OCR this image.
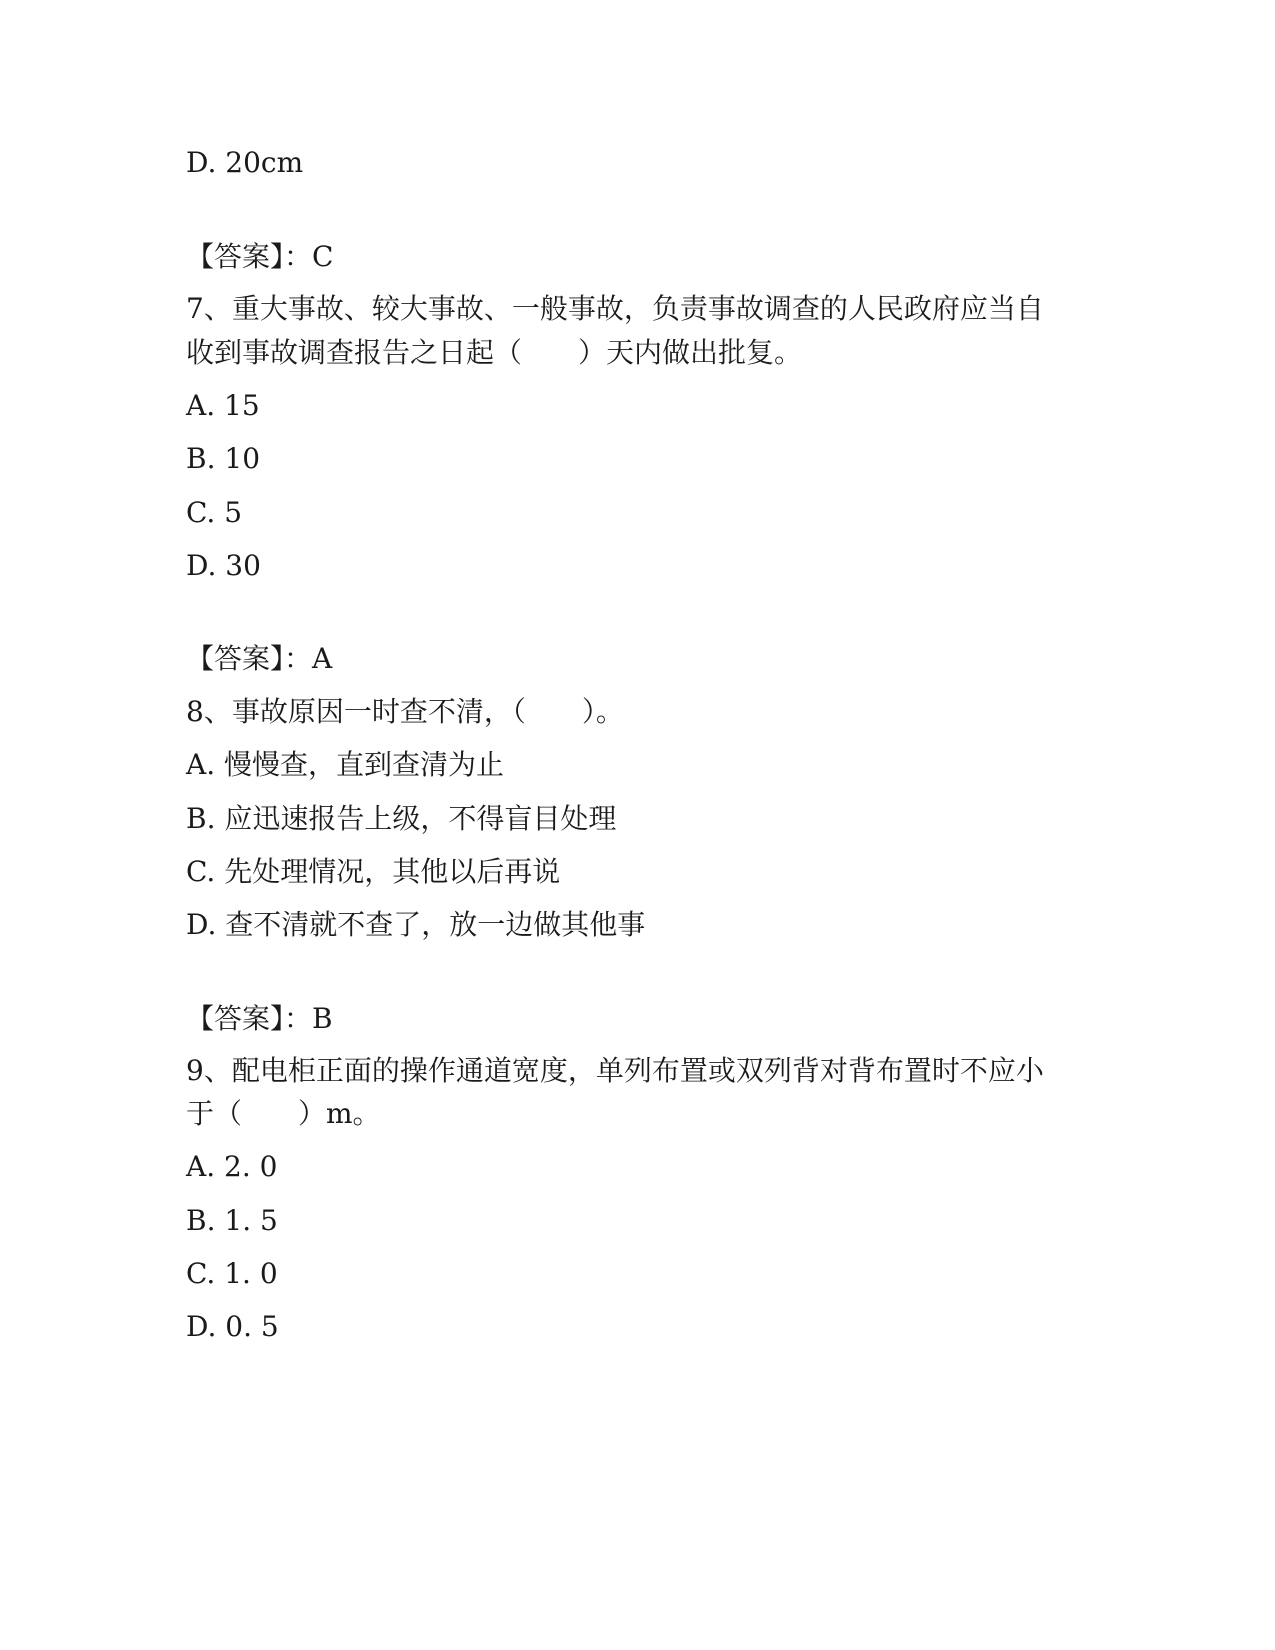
D. 20cm
【答案】：C
7、重大事故、较大事故、一般事故，负责事故调查的人民政府应当自
收到事故调查报告之日起（　　）天内做出批复。
A. 15
B. 10
C. 5
D. 30
【答案】：A
8、事故原因一时查不清，（　　）。
A. 慢慢查，直到查清为止
B. 应迅速报告上级，不得盲目处理
C. 先处理情况，其他以后再说
D. 查不清就不查了，放一边做其他事
【答案】：B
9、配电柜正面的操作通道宽度，单列布置或双列背对背布置时不应小
于（　　）m。
A. 2. 0
B. 1. 5
C. 1. 0
D. 0. 5
